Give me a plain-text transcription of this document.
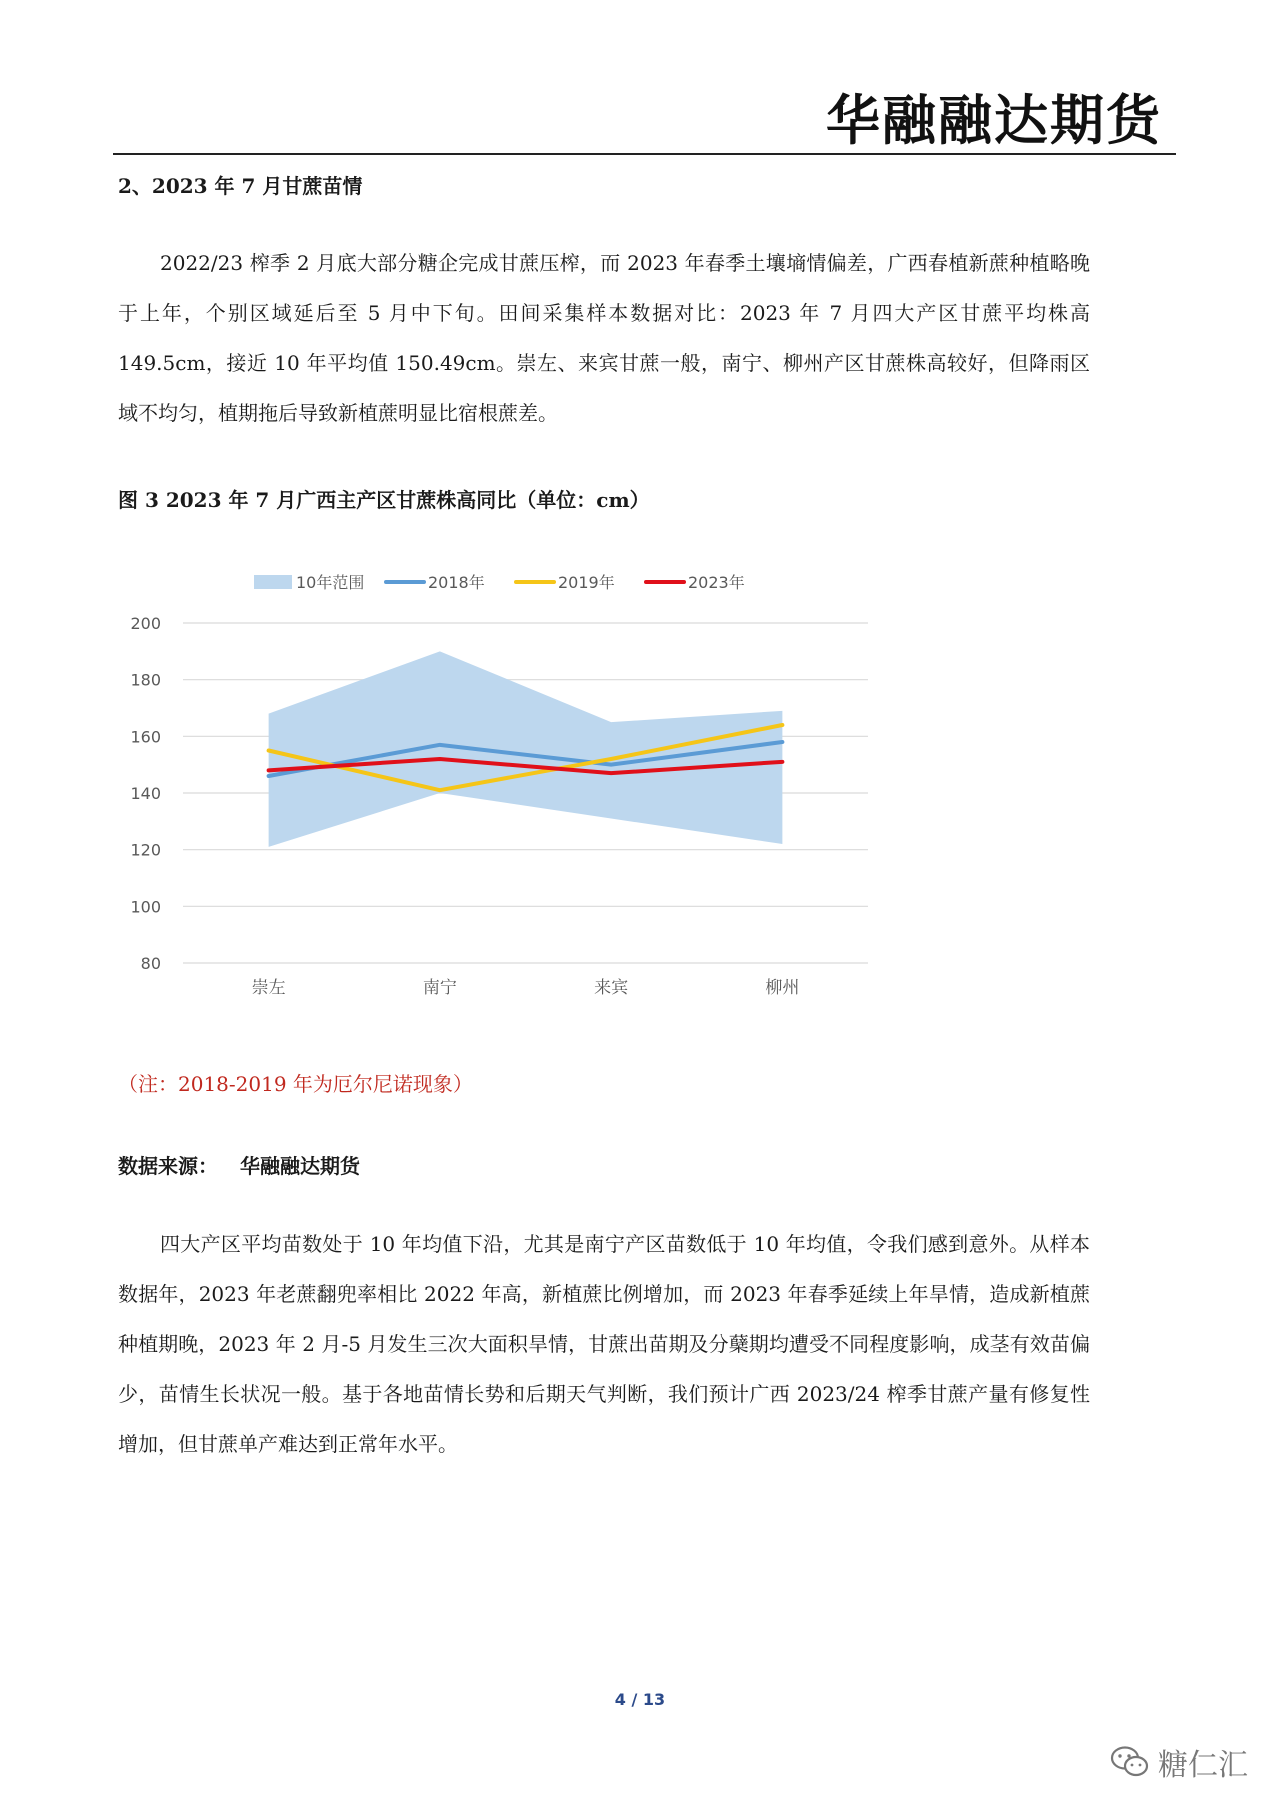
华融融达期货
2、2023 年 7 月甘蔗苗情

2022/23 榨季 2 月底大部分糖企完成甘蔗压榨，而 2023 年春季土壤墒情偏差，广西春植新蔗种植略晚于上年，个别区域延后至 5 月中下旬。田间采集样本数据对比：2023 年 7 月四大产区甘蔗平均株高 149.5cm，接近 10 年平均值 150.49cm。崇左、来宾甘蔗一般，南宁、柳州产区甘蔗株高较好，但降雨区域不均匀，植期拖后导致新植蔗明显比宿根蔗差。

图 3 2023 年 7 月广西主产区甘蔗株高同比（单位：cm）
10年范围	2018年	2019年	2023年
80
100
120
140
160
180
200
崇左	南宁	来宾	柳州
（注：2018-2019 年为厄尔尼诺现象）
数据来源： 华融融达期货

四大产区平均苗数处于 10 年均值下沿，尤其是南宁产区苗数低于 10 年均值，令我们感到意外。从样本数据年，2023 年老蔗翻兜率相比 2022 年高，新植蔗比例增加，而 2023 年春季延续上年旱情，造成新植蔗种植期晚，2023 年 2 月-5 月发生三次大面积旱情，甘蔗出苗期及分蘖期均遭受不同程度影响，成茎有效苗偏少，苗情生长状况一般。基于各地苗情长势和后期天气判断，我们预计广西 2023/24 榨季甘蔗产量有修复性增加，但甘蔗单产难达到正常年水平。

4 / 13
糖仁汇
